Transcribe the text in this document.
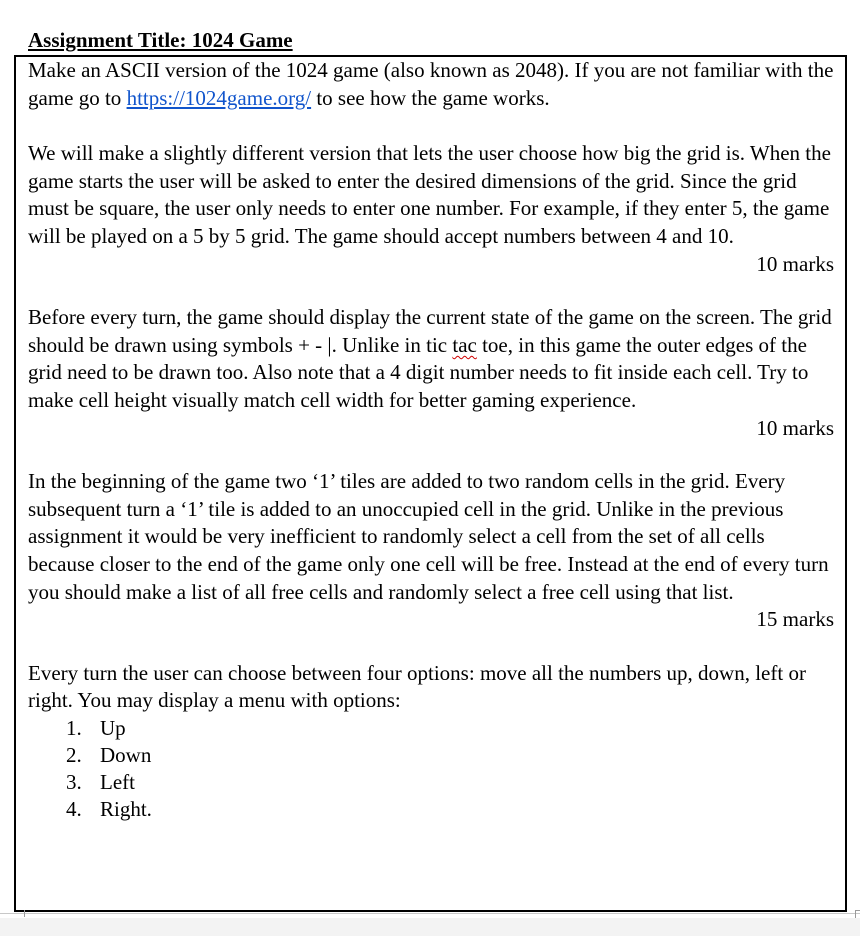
Assignment Title: 1024 Game

Make an ASCII version of the 1024 game (also known as 2048). If you are not familiar with the game go to https://1024game.org/ to see how the game works.

We will make a slightly different version that lets the user choose how big the grid is. When the game starts the user will be asked to enter the desired dimensions of the grid. Since the grid must be square, the user only needs to enter one number. For example, if they enter 5, the game will be played on a 5 by 5 grid. The game should accept numbers between 4 and 10.

10 marks

Before every turn, the game should display the current state of the game on the screen. The grid should be drawn using symbols + - |. Unlike in tic tac toe, in this game the outer edges of the grid need to be drawn too. Also note that a 4 digit number needs to fit inside each cell. Try to make cell height visually match cell width for better gaming experience.

10 marks

In the beginning of the game two ‘1’ tiles are added to two random cells in the grid. Every subsequent turn a ‘1’ tile is added to an unoccupied cell in the grid. Unlike in the previous assignment it would be very inefficient to randomly select a cell from the set of all cells because closer to the end of the game only one cell will be free. Instead at the end of every turn you should make a list of all free cells and randomly select a free cell using that list.

15 marks

Every turn the user can choose between four options: move all the numbers up, down, left or right. You may display a menu with options:

1. Up
2. Down
3. Left
4. Right.
